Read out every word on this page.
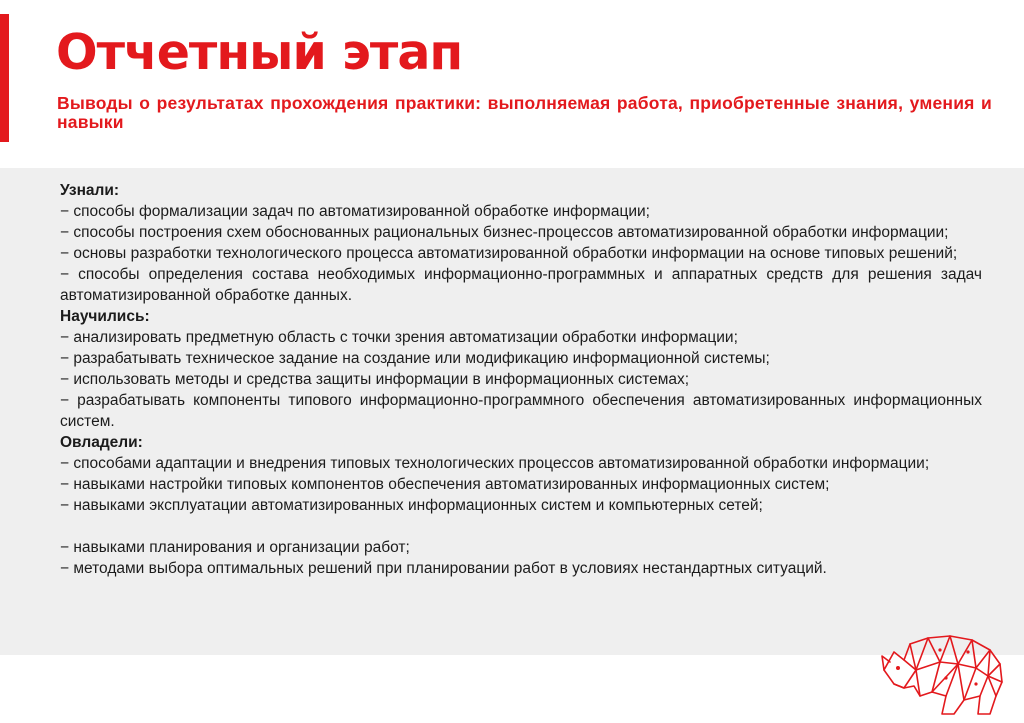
Отчетный этап

Выводы о результатах прохождения практики: выполняемая работа, приобретенные знания, умения и навыки

Узнали:

− способы формализации задач по автоматизированной обработке информации;

− способы построения схем обоснованных рациональных бизнес-процессов автоматизированной обработки информации;

− основы разработки технологического процесса автоматизированной обработки информации на основе типовых решений;

− способы определения состава необходимых информационно-программных и аппаратных средств для решения задач автоматизированной обработке данных.

Научились:

− анализировать предметную область с точки зрения автоматизации обработки информации;

− разрабатывать техническое задание на создание или модификацию информационной системы;

− использовать методы и средства защиты информации в информационных системах;

− разрабатывать компоненты типового информационно-программного обеспечения автоматизированных информационных систем.

Овладели:

− способами адаптации и внедрения типовых технологических процессов автоматизированной обработки информации;

− навыками настройки типовых компонентов обеспечения автоматизированных информационных систем;

− навыками эксплуатации автоматизированных информационных систем и компьютерных сетей;

− навыками планирования и организации работ;

− методами выбора оптимальных решений при планировании работ в условиях нестандартных ситуаций.
